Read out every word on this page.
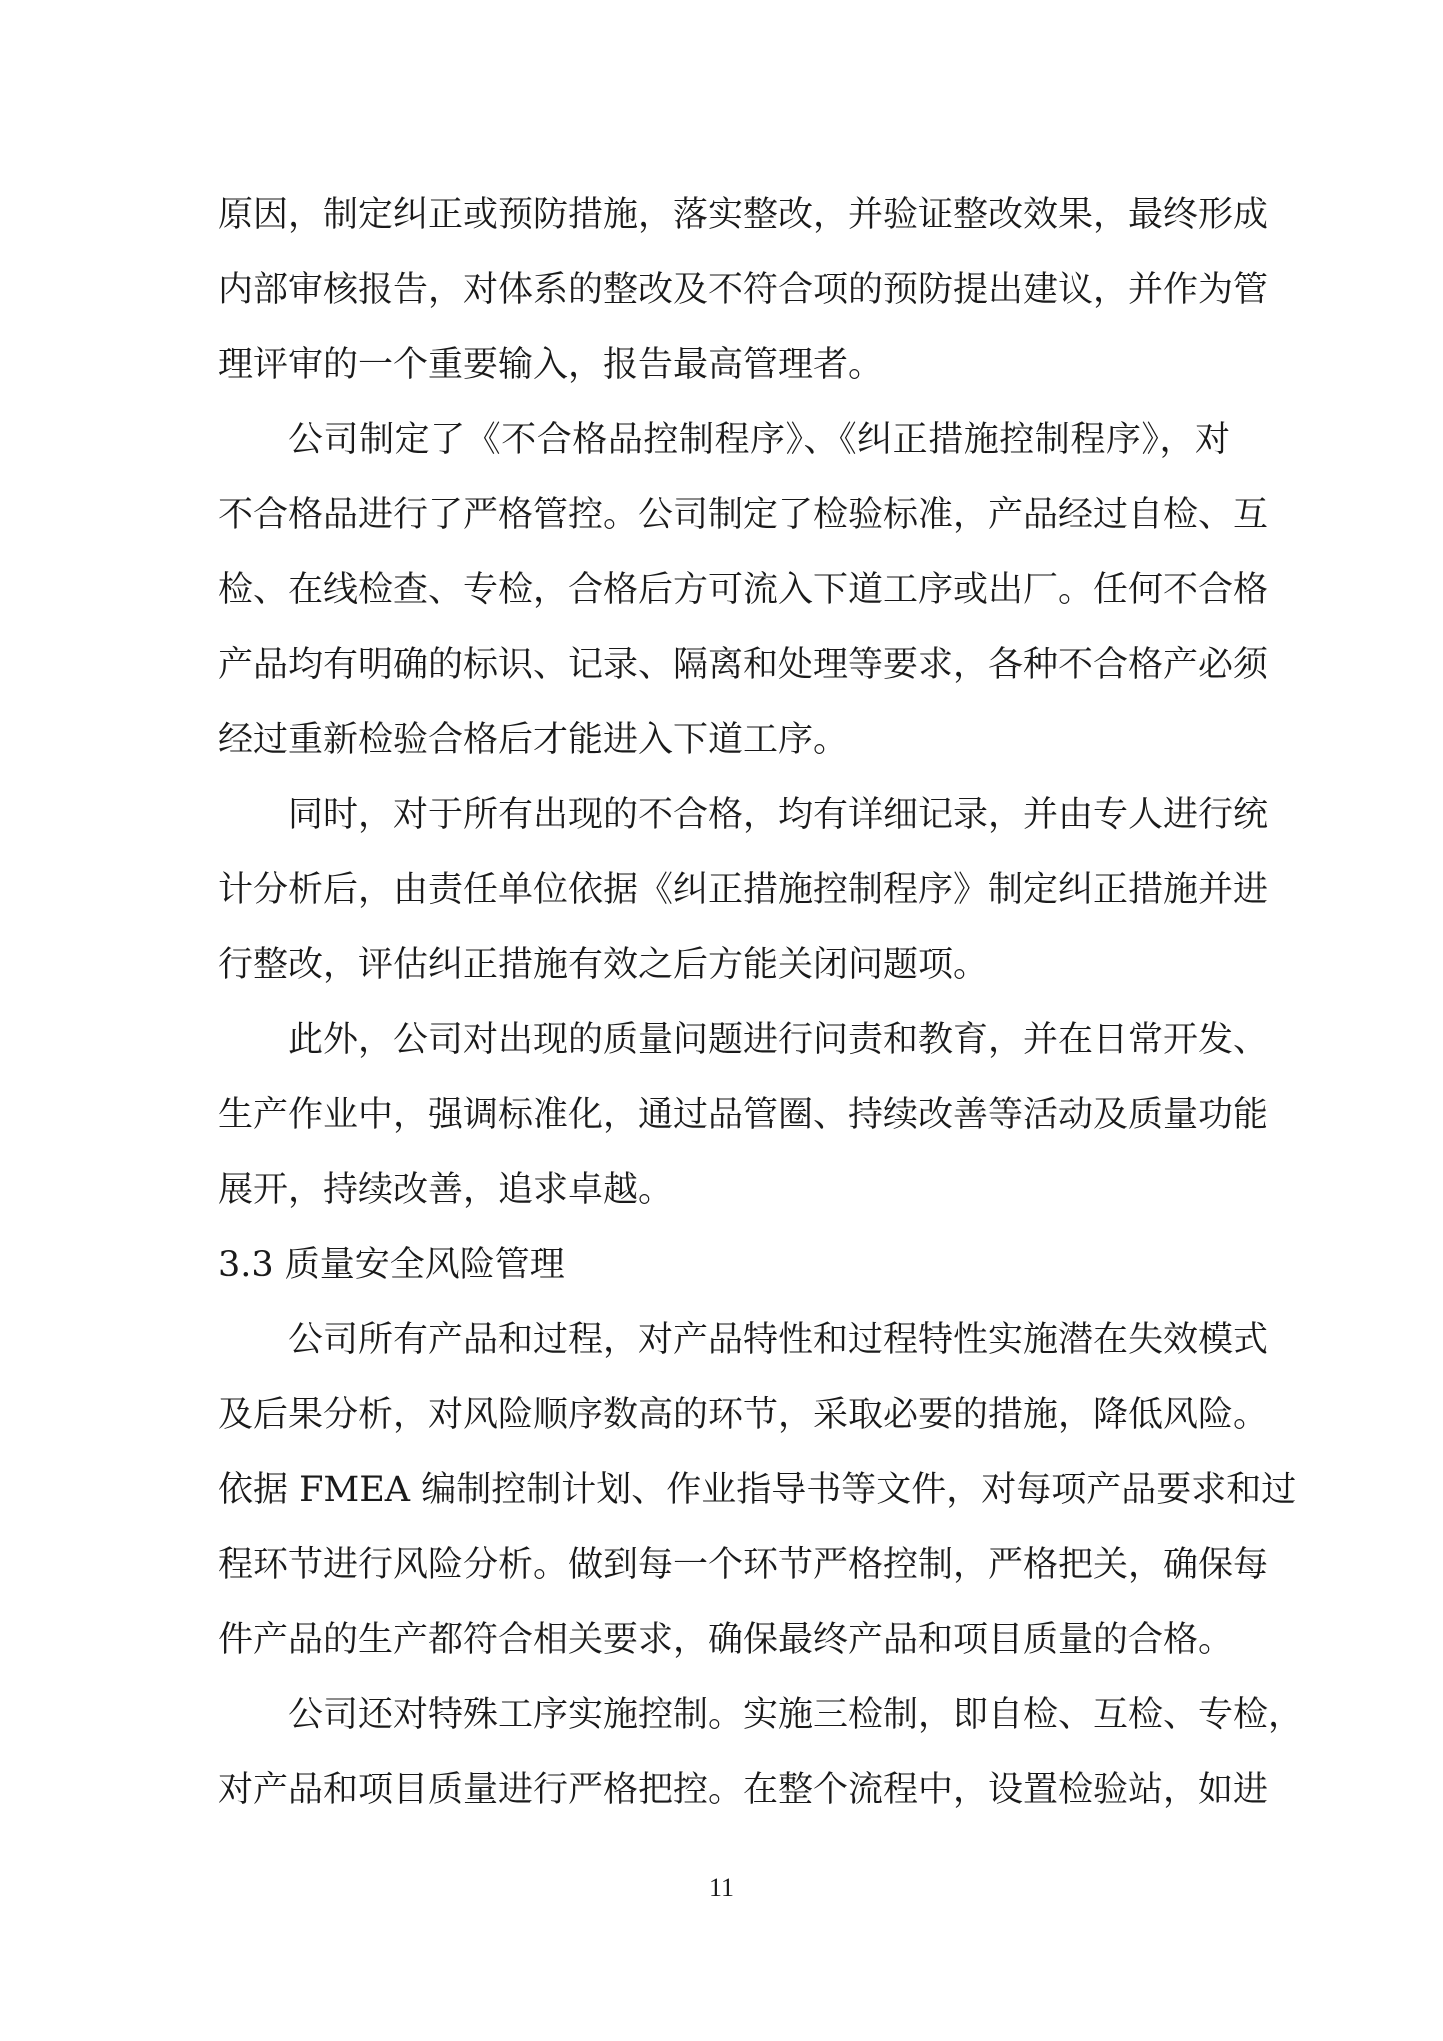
原因，制定纠正或预防措施，落实整改，并验证整改效果，最终形成
内部审核报告，对体系的整改及不符合项的预防提出建议，并作为管
理评审的一个重要输入，报告最高管理者。
公司制定了《不合格品控制程序》、《纠正措施控制程序》，对
不合格品进行了严格管控。公司制定了检验标准，产品经过自检、互
检、在线检查、专检，合格后方可流入下道工序或出厂。任何不合格
产品均有明确的标识、记录、隔离和处理等要求，各种不合格产必须
经过重新检验合格后才能进入下道工序。
同时，对于所有出现的不合格，均有详细记录，并由专人进行统
计分析后，由责任单位依据《纠正措施控制程序》制定纠正措施并进
行整改，评估纠正措施有效之后方能关闭问题项。
此外，公司对出现的质量问题进行问责和教育，并在日常开发、
生产作业中，强调标准化，通过品管圈、持续改善等活动及质量功能
展开，持续改善，追求卓越。
3.3 质量安全风险管理
公司所有产品和过程，对产品特性和过程特性实施潜在失效模式
及后果分析，对风险顺序数高的环节，采取必要的措施，降低风险。
依据 FMEA 编制控制计划、作业指导书等文件，对每项产品要求和过
程环节进行风险分析。做到每一个环节严格控制，严格把关，确保每
件产品的生产都符合相关要求，确保最终产品和项目质量的合格。
公司还对特殊工序实施控制。实施三检制，即自检、互检、专检，
对产品和项目质量进行严格把控。在整个流程中，设置检验站，如进
11
